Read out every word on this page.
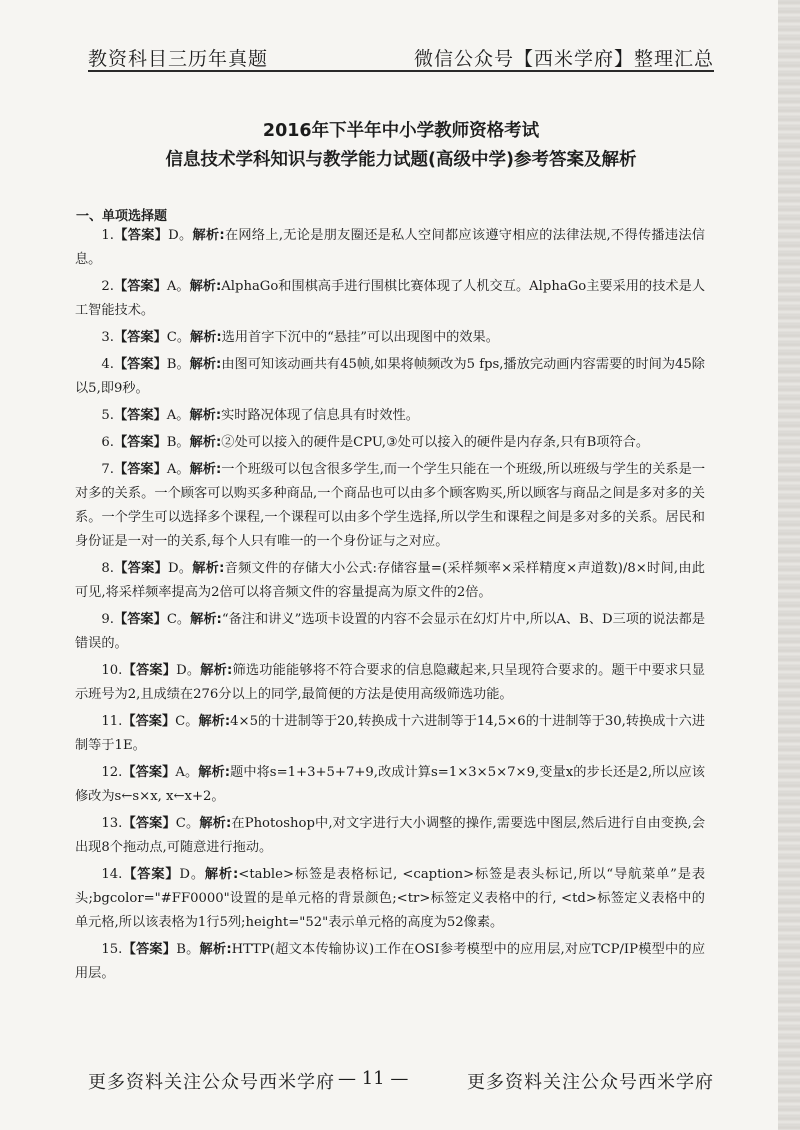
教资科目三历年真题	微信公众号【西米学府】整理汇总
2016年下半年中小学教师资格考试
信息技术学科知识与教学能力试题(高级中学)参考答案及解析
一、单项选择题

1.【答案】D。解析:在网络上,无论是朋友圈还是私人空间都应该遵守相应的法律法规,不得传播违法信息。

2.【答案】A。解析:AlphaGo和围棋高手进行围棋比赛体现了人机交互。AlphaGo主要采用的技术是人工智能技术。

3.【答案】C。解析:选用首字下沉中的“悬挂”可以出现图中的效果。

4.【答案】B。解析:由图可知该动画共有45帧,如果将帧频改为5 fps,播放完动画内容需要的时间为45除以5,即9秒。

5.【答案】A。解析:实时路况体现了信息具有时效性。

6.【答案】B。解析:②处可以接入的硬件是CPU,③处可以接入的硬件是内存条,只有B项符合。

7.【答案】A。解析:一个班级可以包含很多学生,而一个学生只能在一个班级,所以班级与学生的关系是一对多的关系。一个顾客可以购买多种商品,一个商品也可以由多个顾客购买,所以顾客与商品之间是多对多的关系。一个学生可以选择多个课程,一个课程可以由多个学生选择,所以学生和课程之间是多对多的关系。居民和身份证是一对一的关系,每个人只有唯一的一个身份证与之对应。

8.【答案】D。解析:音频文件的存储大小公式:存储容量=(采样频率×采样精度×声道数)/8×时间,由此可见,将采样频率提高为2倍可以将音频文件的容量提高为原文件的2倍。

9.【答案】C。解析:“备注和讲义”选项卡设置的内容不会显示在幻灯片中,所以A、B、D三项的说法都是错误的。

10.【答案】D。解析:筛选功能能够将不符合要求的信息隐藏起来,只呈现符合要求的。题干中要求只显示班号为2,且成绩在276分以上的同学,最简便的方法是使用高级筛选功能。

11.【答案】C。解析:4×5的十进制等于20,转换成十六进制等于14,5×6的十进制等于30,转换成十六进制等于1E。

12.【答案】A。解析:题中将s=1+3+5+7+9,改成计算s=1×3×5×7×9,变量x的步长还是2,所以应该修改为s←s×x, x←x+2。

13.【答案】C。解析:在Photoshop中,对文字进行大小调整的操作,需要选中图层,然后进行自由变换,会出现8个拖动点,可随意进行拖动。

14.【答案】D。解析:<table>标签是表格标记, <caption>标签是表头标记,所以“导航菜单”是表头;bgcolor="#FF0000"设置的是单元格的背景颜色;<tr>标签定义表格中的行, <td>标签定义表格中的单元格,所以该表格为1行5列;height="52"表示单元格的高度为52像素。

15.【答案】B。解析:HTTP(超文本传输协议)工作在OSI参考模型中的应用层,对应TCP/IP模型中的应用层。

更多资料关注公众号西米学府 — 11 —	更多资料关注公众号西米学府
